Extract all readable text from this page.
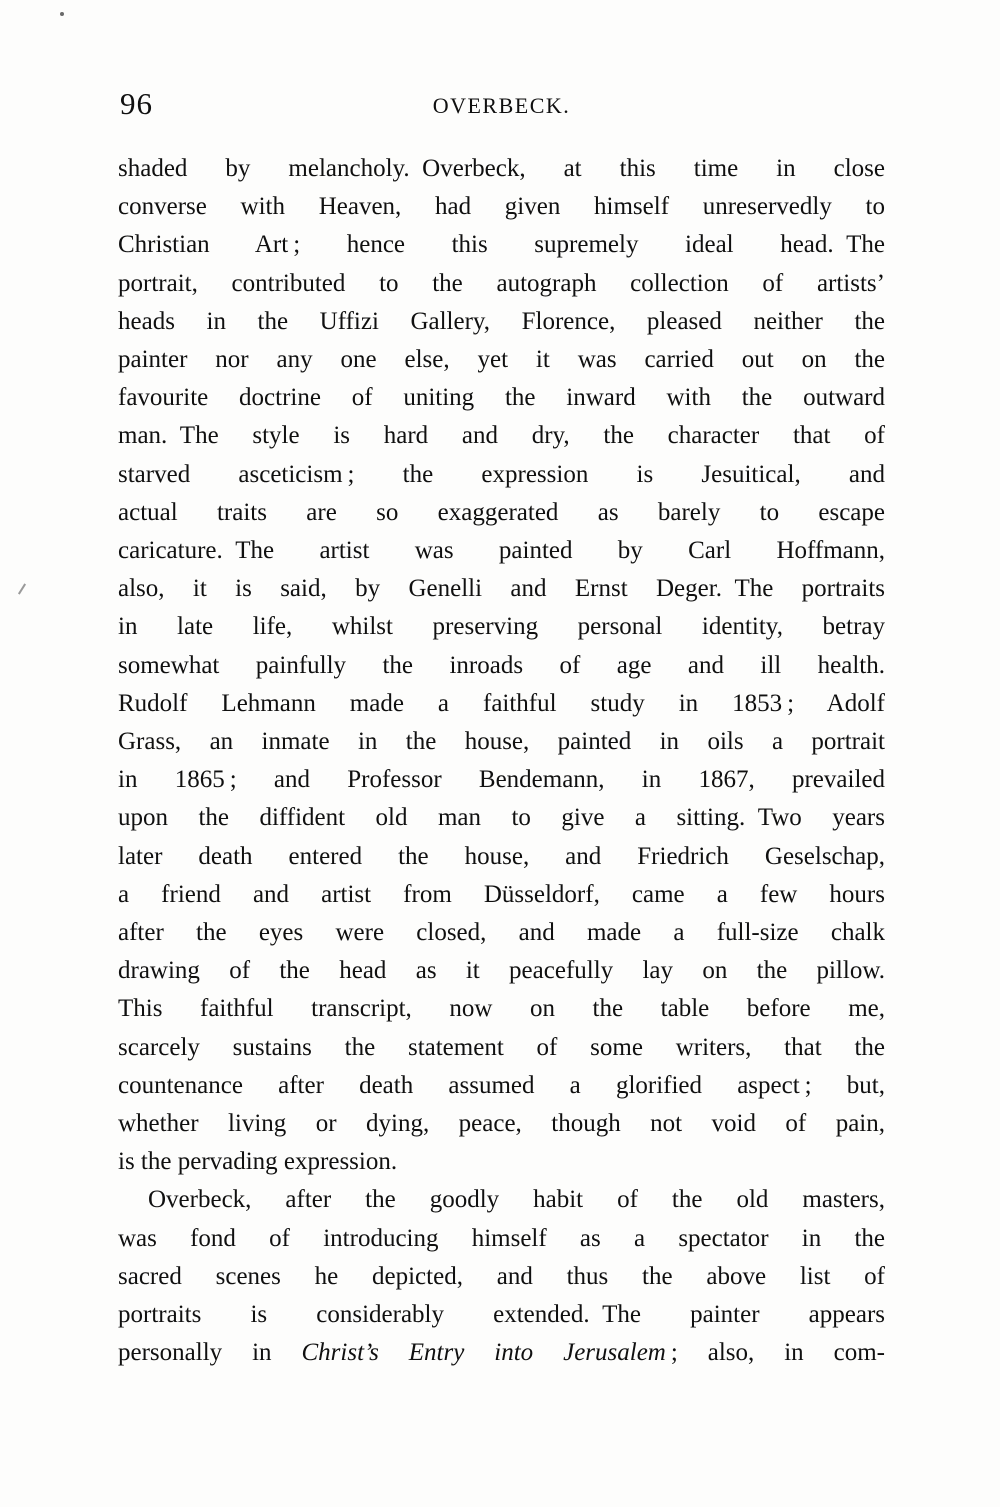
96	OVERBECK.
shaded by melancholy. Overbeck, at this time in close
converse with Heaven, had given himself unreservedly to
Christian Art ; hence this supremely ideal head. The
portrait, contributed to the autograph collection of artists’
heads in the Uffizi Gallery, Florence, pleased neither the
painter nor any one else, yet it was carried out on the
favourite doctrine of uniting the inward with the outward
man. The style is hard and dry, the character that of
starved asceticism ; the expression is Jesuitical, and
actual traits are so exaggerated as barely to escape
caricature. The artist was painted by Carl Hoffmann,
also, it is said, by Genelli and Ernst Deger. The portraits
in late life, whilst preserving personal identity, betray
somewhat painfully the inroads of age and ill health.
Rudolf Lehmann made a faithful study in 1853 ; Adolf
Grass, an inmate in the house, painted in oils a portrait
in 1865 ; and Professor Bendemann, in 1867, prevailed
upon the diffident old man to give a sitting. Two years
later death entered the house, and Friedrich Geselschap,
a friend and artist from Düsseldorf, came a few hours
after the eyes were closed, and made a full-size chalk
drawing of the head as it peacefully lay on the pillow.
This faithful transcript, now on the table before me,
scarcely sustains the statement of some writers, that the
countenance after death assumed a glorified aspect ; but,
whether living or dying, peace, though not void of pain,
is the pervading expression.
Overbeck, after the goodly habit of the old masters,
was fond of introducing himself as a spectator in the
sacred scenes he depicted, and thus the above list of
portraits is considerably extended. The painter appears
personally in Christ’s Entry into Jerusalem ; also, in com-
